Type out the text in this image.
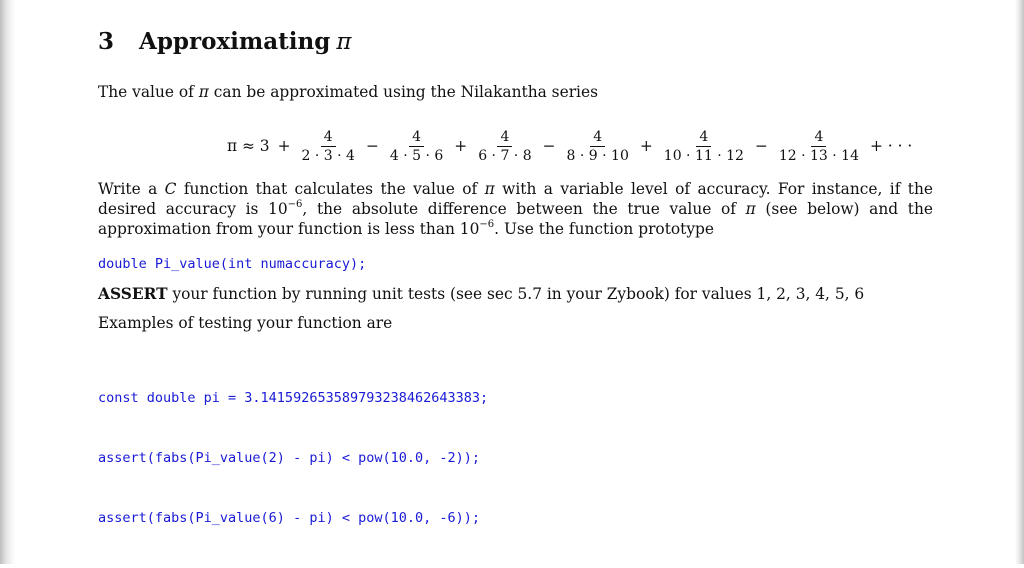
3 Approximating π
The value of π can be approximated using the Nilakantha series
$\pi \approx 3 + \frac{4}{2 \cdot 3 \cdot 4} - \frac{4}{4 \cdot 5 \cdot 6} + \frac{4}{6 \cdot 7 \cdot 8} - \frac{4}{8 \cdot 9 \cdot 10} + \frac{4}{10 \cdot 11 \cdot 12} - \frac{4}{12 \cdot 13 \cdot 14}$ + · · ·
Write a C function that calculates the value of π with a variable level of accuracy. For instance, if the desired accuracy is $10^{-6}$, the absolute difference between the true value of π (see below) and the approximation from your function is less than $10^{-6}$. Use the function prototype
double Pi_value(int numaccuracy);
ASSERT your function by running unit tests (see sec 5.7 in your Zybook) for values 1, 2, 3, 4, 5, 6
Examples of testing your function are

const double pi = 3.141592653589793238462643383;

assert(fabs(Pi_value(2) - pi) < pow(10.0, -2));

assert(fabs(Pi_value(6) - pi) < pow(10.0, -6));
